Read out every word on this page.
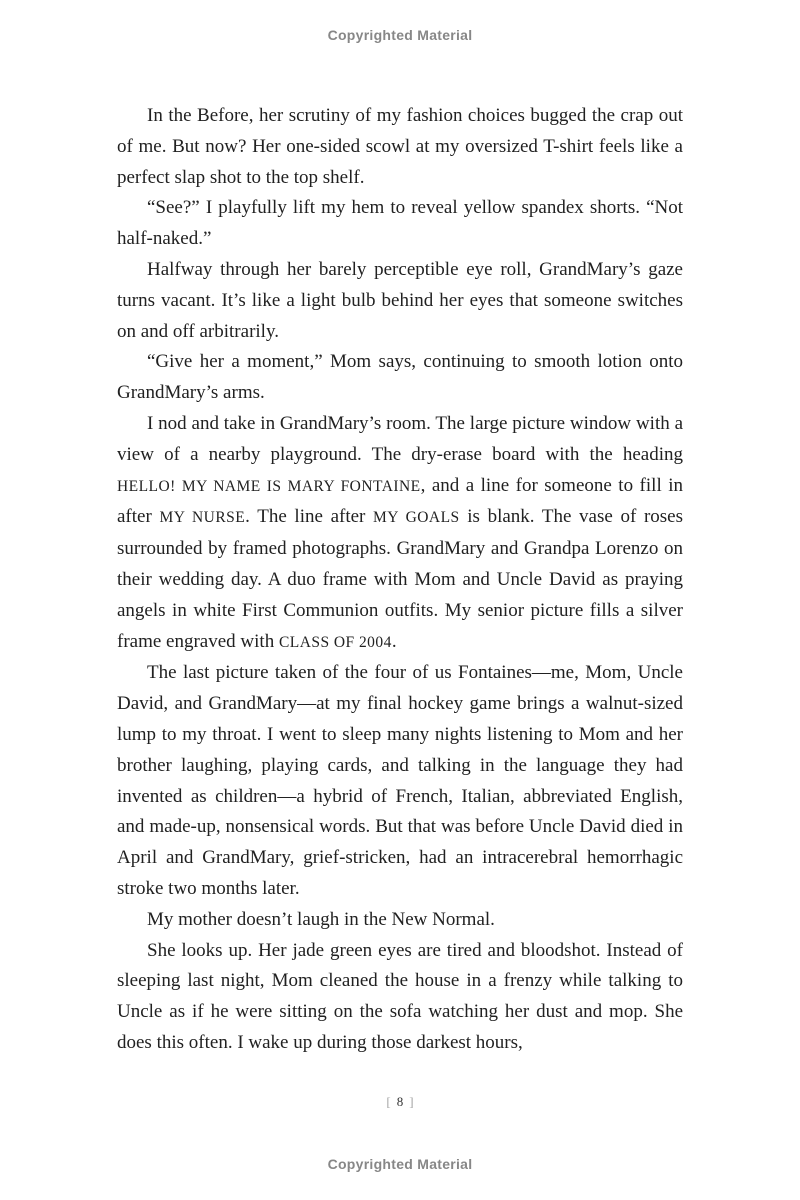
Copyrighted Material

In the Before, her scrutiny of my fashion choices bugged the crap out of me. But now? Her one-sided scowl at my oversized T-shirt feels like a perfect slap shot to the top shelf.

“See?” I playfully lift my hem to reveal yellow spandex shorts. “Not half-naked.”

Halfway through her barely perceptible eye roll, GrandMary’s gaze turns vacant. It’s like a light bulb behind her eyes that someone switches on and off arbitrarily.

“Give her a moment,” Mom says, continuing to smooth lotion onto GrandMary’s arms.

I nod and take in GrandMary’s room. The large picture window with a view of a nearby playground. The dry-erase board with the heading HELLO! MY NAME IS MARY FONTAINE, and a line for someone to fill in after MY NURSE. The line after MY GOALS is blank. The vase of roses surrounded by framed photographs. GrandMary and Grandpa Lorenzo on their wedding day. A duo frame with Mom and Uncle David as praying angels in white First Communion outfits. My senior picture fills a silver frame engraved with CLASS OF 2004.

The last picture taken of the four of us Fontaines—me, Mom, Uncle David, and GrandMary—at my final hockey game brings a walnut-sized lump to my throat. I went to sleep many nights listening to Mom and her brother laughing, playing cards, and talking in the language they had invented as children—a hybrid of French, Italian, abbreviated English, and made-up, nonsensical words. But that was before Uncle David died in April and GrandMary, grief-stricken, had an intracerebral hemorrhagic stroke two months later.

My mother doesn’t laugh in the New Normal.

She looks up. Her jade green eyes are tired and bloodshot. Instead of sleeping last night, Mom cleaned the house in a frenzy while talking to Uncle as if he were sitting on the sofa watching her dust and mop. She does this often. I wake up during those darkest hours,

[ 8 ]
Copyrighted Material
